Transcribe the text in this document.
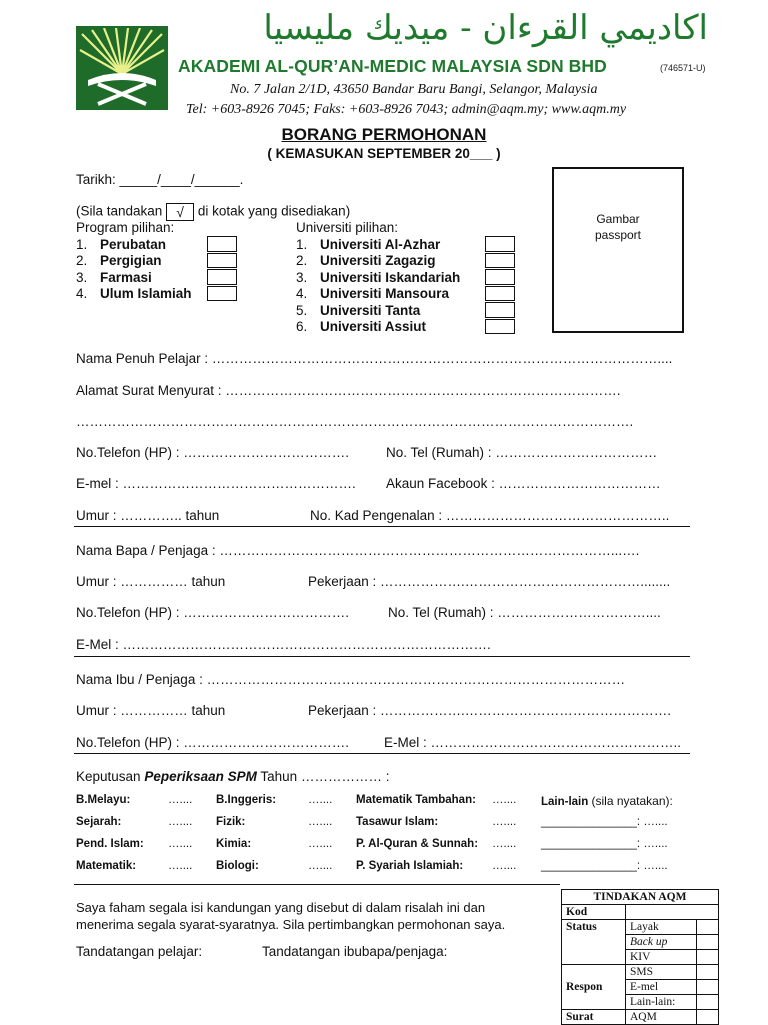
اكاديمي القرءان - ميديك مليسيا
AKADEMI AL-QUR’AN-MEDIC MALAYSIA SDN BHD	(746571-U)
No. 7 Jalan 2/1D, 43650 Bandar Baru Bangi, Selangor, Malaysia
Tel: +603-8926 7045; Faks: +603-8926 7043; admin@aqm.my; www.aqm.my
BORANG PERMOHONAN
( KEMASUKAN SEPTEMBER 20___ )
Tarikh: _____/____/______.
(Sila tandakan √ di kotak yang disediakan)
Gambar passport
Program pilihan:
1. Perubatan
2. Pergigian
3. Farmasi
4. Ulum Islamiah
Universiti pilihan:
1. Universiti Al-Azhar
2. Universiti Zagazig
3. Universiti Iskandariah
4. Universiti Mansoura
5. Universiti Tanta
6. Universiti Assiut
Nama Penuh Pelajar : ………………………………………………………………………………………....
Alamat Surat Menyurat : …………………………………………………………………………….
…………………………………………………………………………………………………………….
No.Telefon (HP) : ……………………………….	No. Tel (Rumah) : ………………………………
E-mel : ……………………………………………. Akaun Facebook : ………………………………
Umur : ………….. tahun	No. Kad Pengenalan : …………………………………………..
Nama Bapa / Penjaga : ……………………………………………………………………………...….
Umur : …………… tahun	Pekerjaan : ……………….…………………………………........
No.Telefon (HP) : ……………………………….	No. Tel (Rumah) : ……………………………....
E-Mel : ……………………………………………………………………….
Nama Ibu / Penjaga : …………………………………………………………………………………
Umur : …………… tahun	Pekerjaan : ……………….……………………………………….
No.Telefon (HP) : ……………………………….	E-Mel : ………………………………………………..
Keputusan Peperiksaan SPM Tahun ……………… :
B.Melayu:	….... B.Inggeris:	….... Matematik Tambahan: …....
Sejarah:	….... Fizik:	….... Tasawur Islam:	…....
Pend. Islam: ….... Kimia:	….... P. Al-Quran & Sunnah: …....
Matematik:	….... Biologi:	….... P. Syariah Islamiah:	…....
Lain-lain (sila nyatakan):
_______________: …....
_______________: …....
_______________: …....
Saya faham segala isi kandungan yang disebut di dalam risalah ini dan
menerima segala syarat-syaratnya. Sila pertimbangkan permohonan saya.
Tandatangan pelajar:	Tandatangan ibubapa/penjaga:
TINDAKAN AQM		
Kod		
Status	Layak	
	Back up	
	KIV	
Respon	SMS	
	E-mel	
	Lain-lain:	
Surat	AQM	
